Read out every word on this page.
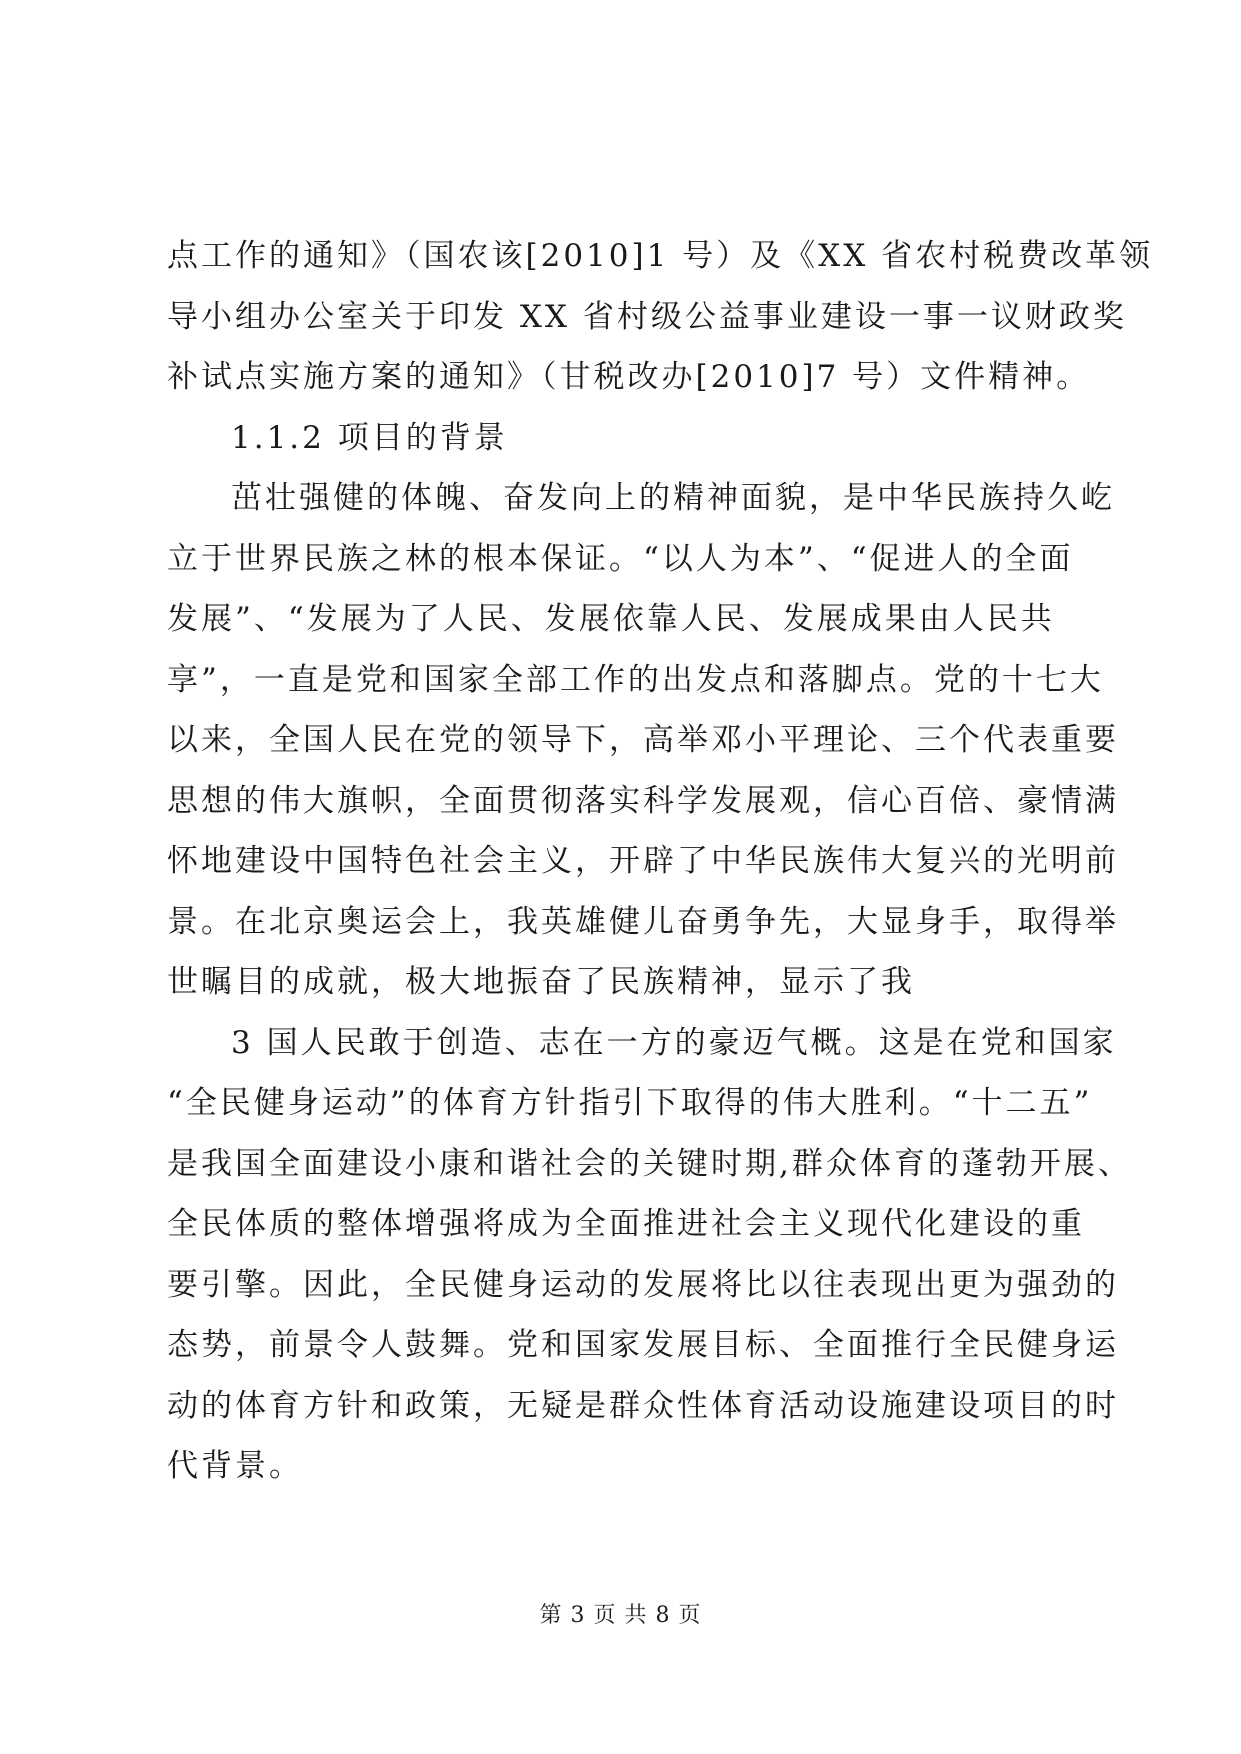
点工作的通知》（国农该[2010]1 号）及《XX 省农村税费改革领
导小组办公室关于印发 XX 省村级公益事业建设一事一议财政奖
补试点实施方案的通知》（甘税改办[2010]7 号）文件精神。
1.1.2 项目的背景
茁壮强健的体魄、奋发向上的精神面貌，是中华民族持久屹
立于世界民族之林的根本保证。“以人为本”、“促进人的全面
发展”、“发展为了人民、发展依靠人民、发展成果由人民共
享”，一直是党和国家全部工作的出发点和落脚点。党的十七大
以来，全国人民在党的领导下，高举邓小平理论、三个代表重要
思想的伟大旗帜，全面贯彻落实科学发展观，信心百倍、豪情满
怀地建设中国特色社会主义，开辟了中华民族伟大复兴的光明前
景。在北京奥运会上，我英雄健儿奋勇争先，大显身手，取得举
世瞩目的成就，极大地振奋了民族精神，显示了我
3 国人民敢于创造、志在一方的豪迈气概。这是在党和国家
“全民健身运动”的体育方针指引下取得的伟大胜利。“十二五”
是我国全面建设小康和谐社会的关键时期,群众体育的蓬勃开展、
全民体质的整体增强将成为全面推进社会主义现代化建设的重
要引擎。因此，全民健身运动的发展将比以往表现出更为强劲的
态势，前景令人鼓舞。党和国家发展目标、全面推行全民健身运
动的体育方针和政策，无疑是群众性体育活动设施建设项目的时
代背景。
第 3 页 共 8 页
